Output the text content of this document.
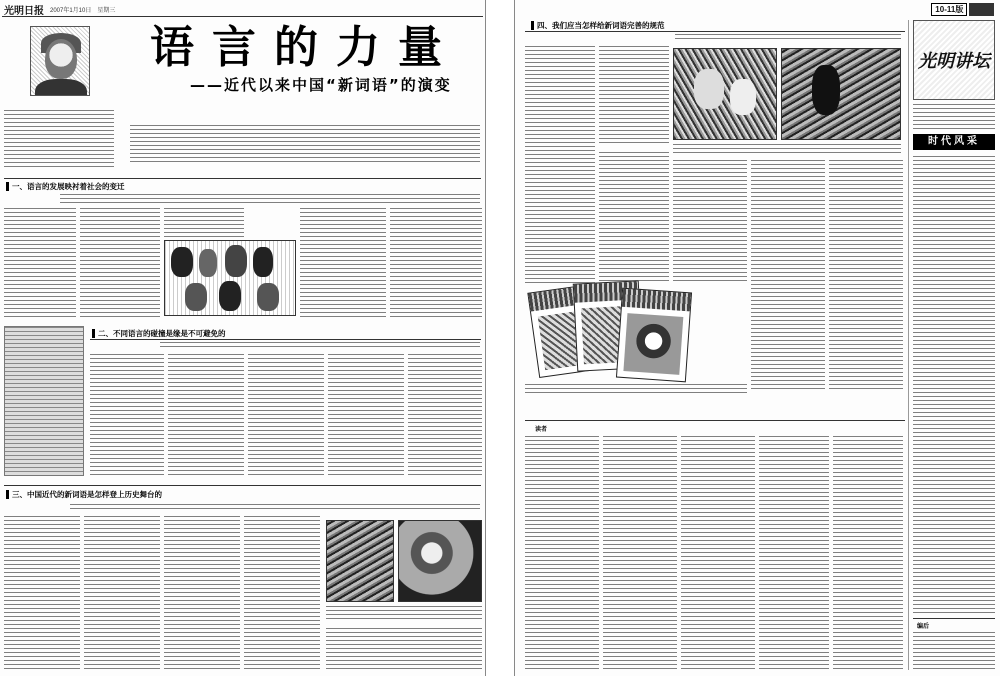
光明日报 2007年1月10日 星期三
语言的力量
——近代以来中国“新词语”的演变
一、语言的发展映衬着社会的变迁
二、不同语言的碰撞是缘是不可避免的
三、中国近代的新词语是怎样登上历史舞台的
10-11版

四、我们应当怎样给新词语完善的规范
读者
光明讲坛
时代风采
编后
